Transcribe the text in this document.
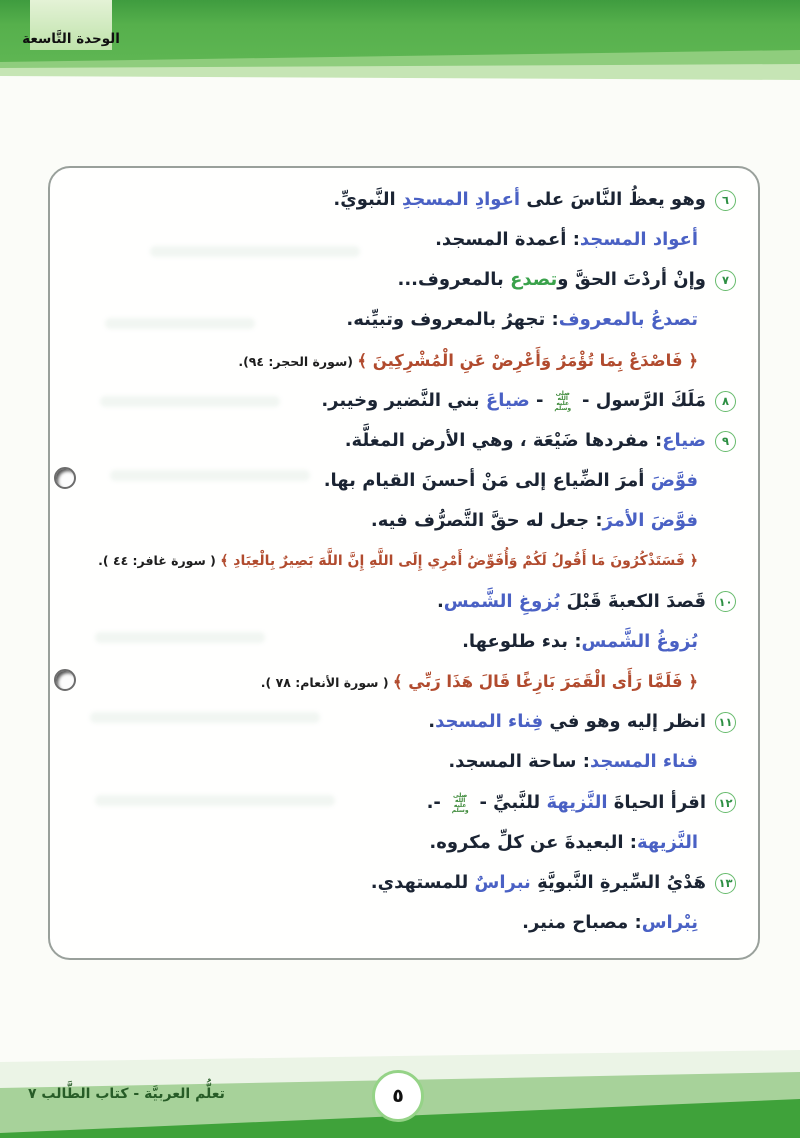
الوحدة التَّاسعة
٦
وهو يعظُ النَّاسَ على أعوادِ المسجدِ النَّبويِّ.
أعواد المسجد: أعمدة المسجد.
٧
وإنْ أردْتَ الحقَّ وتصدع بالمعروف...
تصدعُ بالمعروف: تجهرُ بالمعروف وتبيِّنه.
﴿ فَاصْدَعْ بِمَا تُؤْمَرُ وَأَعْرِضْ عَنِ الْمُشْرِكِينَ ﴾ (سورة الحجر: ٩٤).
٨
مَلَكَ الرَّسول - صلى الله عليه وسلم - ضياعَ بني النَّضير وخيبر.
٩
ضياع: مفردها ضَيْعَة ، وهي الأرض المغلَّة.
فوَّضَ أمرَ الضِّياع إلى مَنْ أحسنَ القيام بها.
فوَّضَ الأمرَ: جعل له حقَّ التَّصرُّف فيه.
﴿ فَسَتَذْكُرُونَ مَا أَقُولُ لَكُمْ وَأُفَوِّضُ أَمْرِي إِلَى اللَّهِ إِنَّ اللَّهَ بَصِيرٌ بِالْعِبَادِ ﴾ ( سورة غافر: ٤٤ ).
١٠
قَصدَ الكعبةَ قَبْلَ بُزوغِ الشَّمس.
بُزوغُ الشَّمس: بدء طلوعها.
﴿ فَلَمَّا رَأَى الْقَمَرَ بَازِغًا قَالَ هَذَا رَبِّي ﴾ ( سورة الأنعام: ٧٨ ).
١١
انظر إليه وهو في فِناء المسجد.
فناء المسجد: ساحة المسجد.
١٢
اقرأ الحياةَ النَّزيهةَ للنَّبيِّ - صلى الله عليه وسلم -.
النَّزيهة: البعيدةَ عن كلِّ مكروه.
١٣
هَدْيُ السِّيرةِ النَّبويَّةِ نبراسٌ للمستهدي.
نِبْراس: مصباح منير.
٥
تعلُّم العربيَّة - كتاب الطَّالب ٧
